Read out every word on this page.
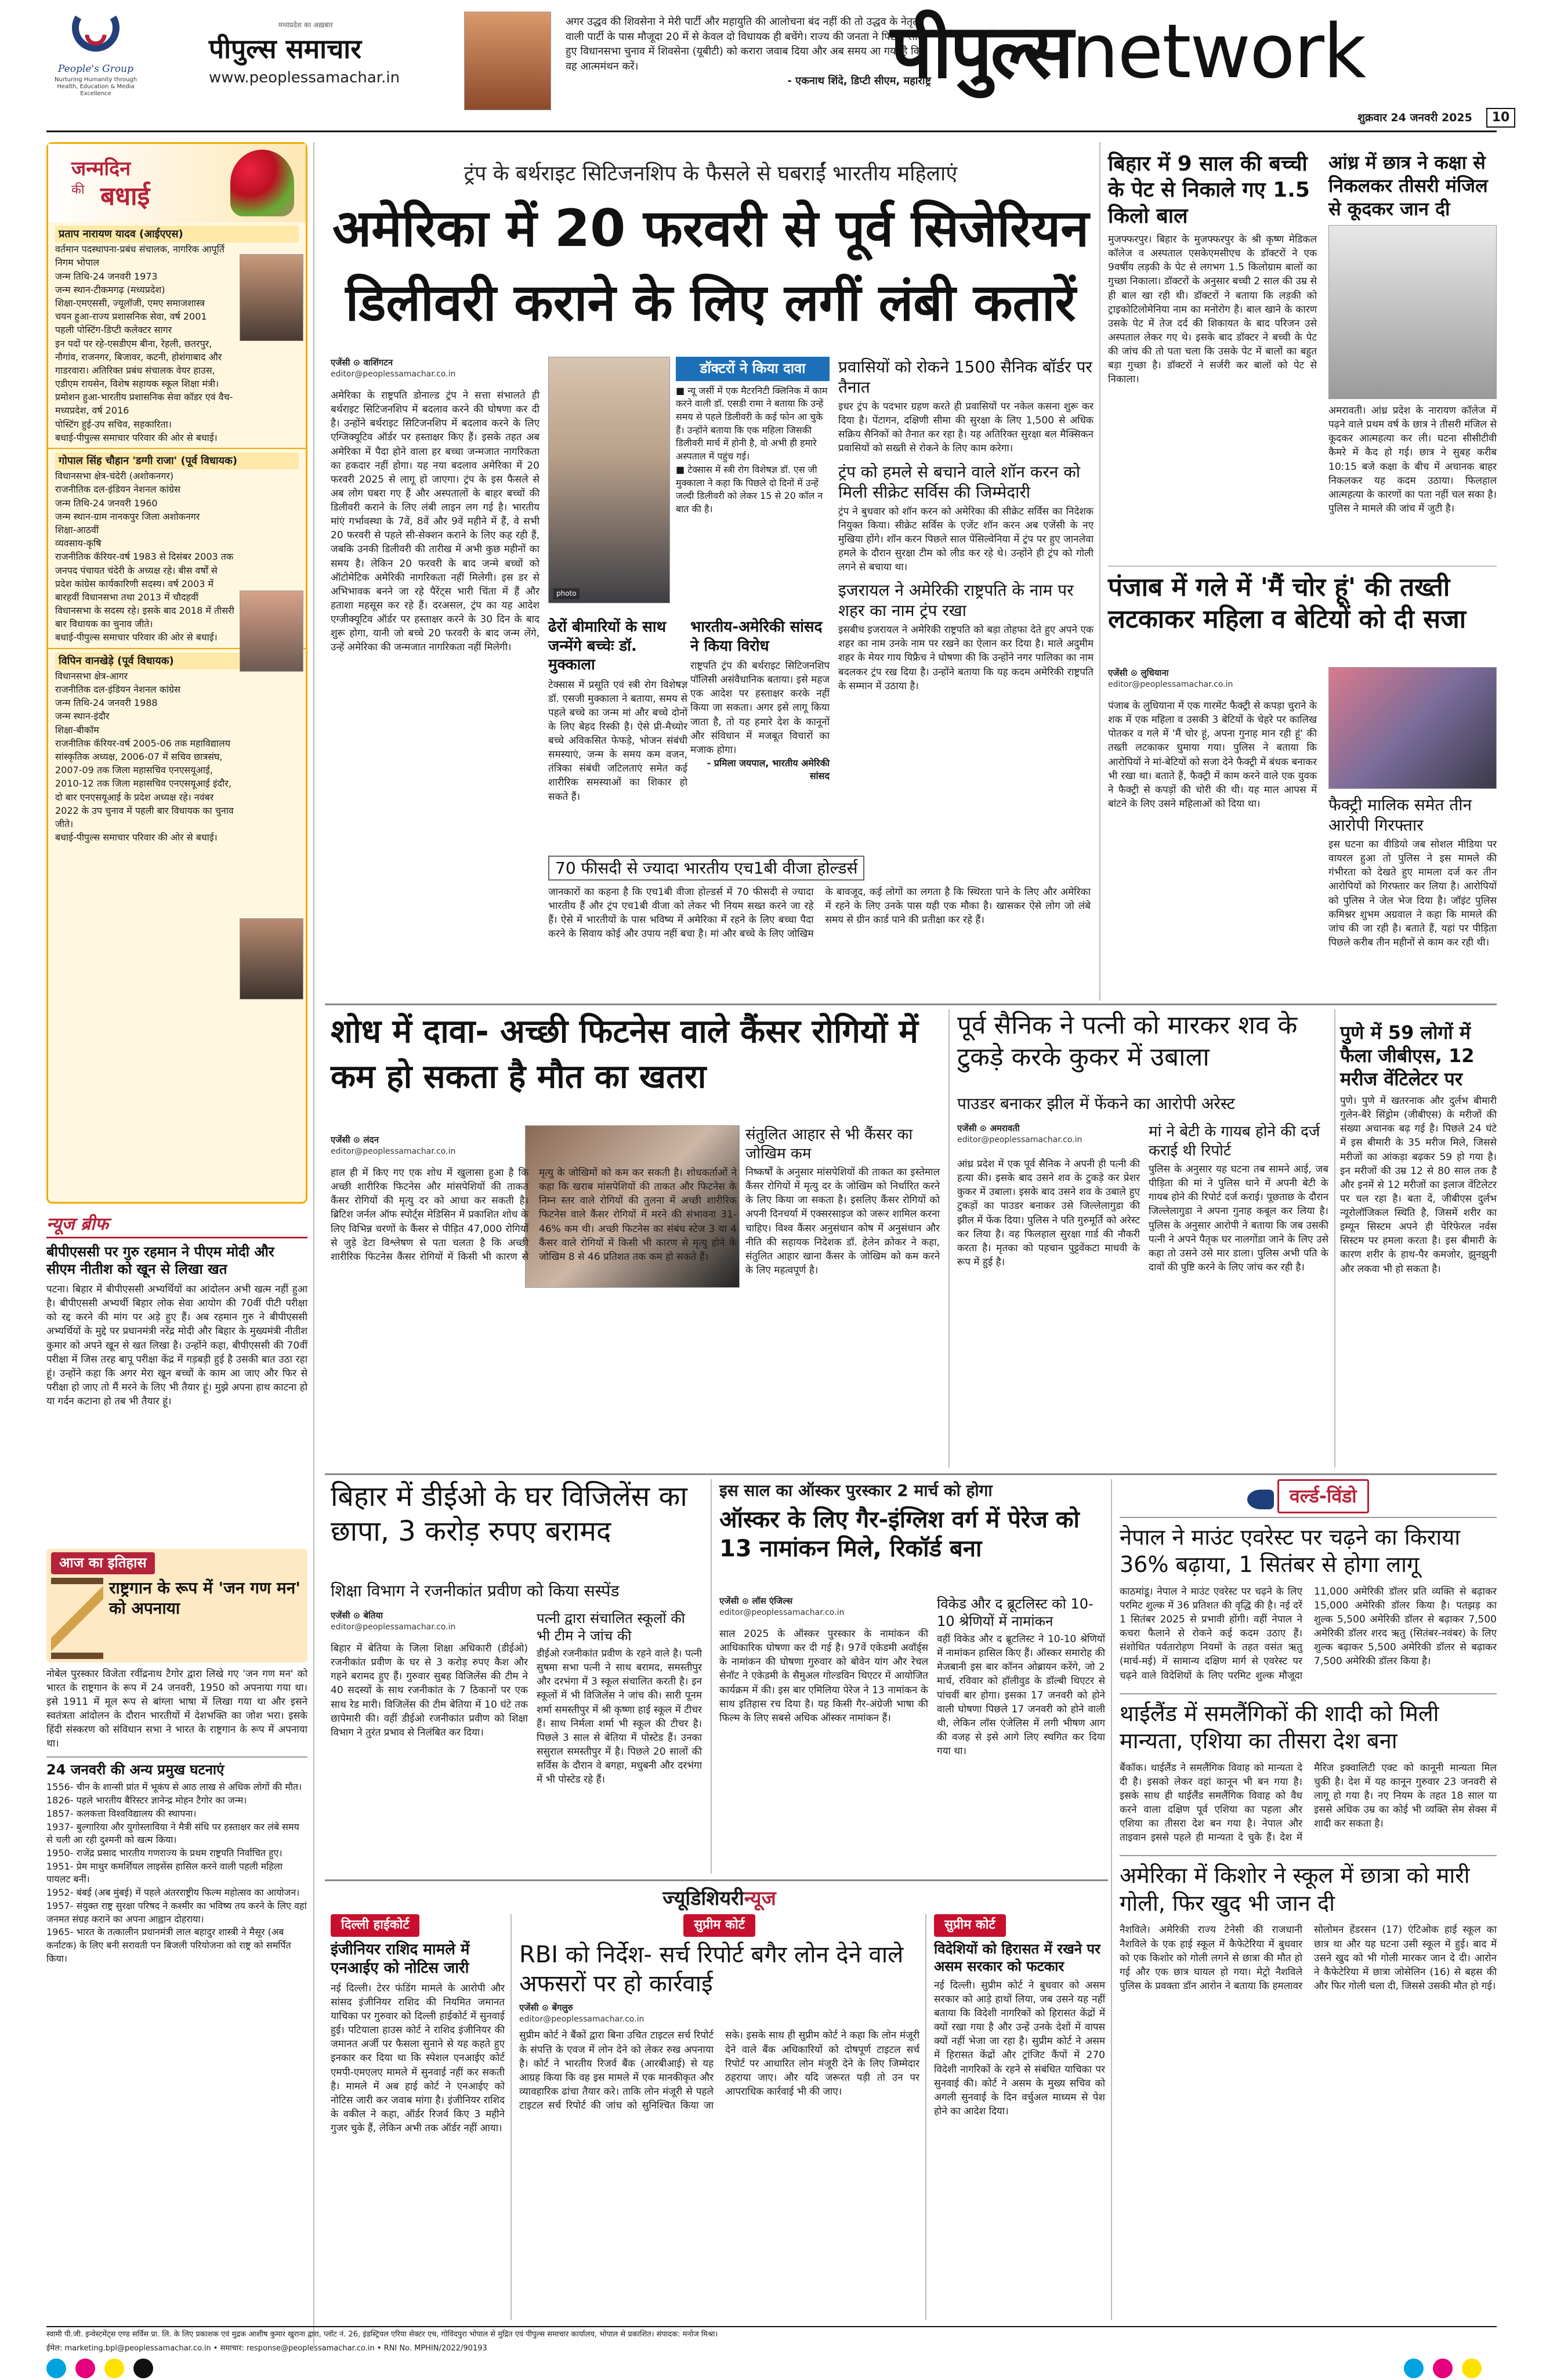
People's Group
Nurturing Humanity through Health, Education & Media Excellence
मध्यप्रदेश का अख़बार
पीपुल्स समाचार
www.peoplessamachar.in
अगर उद्धव की शिवसेना ने मेरी पार्टी और महायुति की आलोचना बंद नहीं की तो उद्धव के नेतृत्व वाली पार्टी के पास मौजूदा 20 में से केवल दो विधायक ही बचेंगे। राज्य की जनता ने पिछले साल हुए विधानसभा चुनाव में शिवसेना (यूबीटी) को करारा जवाब दिया और अब समय आ गया है कि वह आत्ममंथन करें।
- एकनाथ शिंदे, डिप्टी सीएम, महाराष्ट्र
पीपुल्सnetwork
शुक्रवार 24 जनवरी 2025	10
जन्मदिन
की बधाई
प्रताप नारायण यादव (आईएएस)
वर्तमान पदस्थापना-प्रबंध संचालक, नागरिक आपूर्ति निगम भोपाल
जन्म तिथि-24 जनवरी 1973
जन्म स्थान-टीकमगढ़ (मध्यप्रदेश)
शिक्षा-एमएससी, ज्यूलॉजी, एमए समाजशास्त्र
चयन हुआ-राज्य प्रशासनिक सेवा, वर्ष 2001
पहली पोस्टिंग-डिप्टी कलेक्टर सागर
इन पदों पर रहे-एसडीएम बीना, रेहली, छतरपुर, नौगांव, राजनगर, बिजावर, कटनी, होशंगाबाद और गाडरवारा। अतिरिक्त प्रबंध संचालक वेयर हाउस, एडीएम रायसेन, विशेष सहायक स्कूल शिक्षा मंत्री।
प्रमोशन हुआ-भारतीय प्रशासनिक सेवा कॉडर एवं वैच-मध्यप्रदेश, वर्ष 2016
पोस्टिंग हुई-उप सचिव, सहकारिता।
बधाई-पीपुल्स समाचार परिवार की ओर से बधाई।
गोपाल सिंह चौहान 'डग्गी राजा' (पूर्व विधायक)
विधानसभा क्षेत्र-चंदेरी (अशोकनगर)
राजनीतिक दल-इंडियन नेशनल कांग्रेस
जन्म तिथि-24 जनवरी 1960
जन्म स्थान-ग्राम नानकपुर जिला अशोकनगर
शिक्षा-आठवीं
व्यवसाय-कृषि
राजनीतिक कॅरियर-वर्ष 1983 से दिसंबर 2003 तक जनपद पंचायत चंदेरी के अध्यक्ष रहे। बीस वर्षों से प्रदेश कांग्रेस कार्यकारिणी सदस्य। वर्ष 2003 में बारहवीं विधानसभा तथा 2013 में चौदहवीं विधानसभा के सदस्य रहे। इसके बाद 2018 में तीसरी बार विधायक का चुनाव जीते।
बधाई-पीपुल्स समाचार परिवार की ओर से बधाई।
विपिन वानखेड़े (पूर्व विधायक)
विधानसभा क्षेत्र-आगर
राजनीतिक दल-इंडियन नेशनल कांग्रेस
जन्म तिथि-24 जनवरी 1988
जन्म स्थान-इंदौर
शिक्षा-बीकॉम
राजनीतिक कॅरियर-वर्ष 2005-06 तक महाविद्यालय सांस्कृतिक अध्यक्ष, 2006-07 में सचिव छात्रसंघ, 2007-09 तक जिला महासचिव एनएसयूआई, 2010-12 तक जिला महासचिव एनएसयूआई इंदौर, दो बार एनएसयूआई के प्रदेश अध्यक्ष रहे। नवंबर 2022 के उप चुनाव में पहली बार विधायक का चुनाव जीते।
बधाई-पीपुल्स समाचार परिवार की ओर से बधाई।
न्यूज ब्रीफ
बीपीएससी पर गुरु रहमान ने पीएम मोदी और सीएम नीतीश को खून से लिखा खत
पटना। बिहार में बीपीएससी अभ्यर्थियों का आंदोलन अभी खत्म नहीं हुआ है। बीपीएससी अभ्यर्थी बिहार लोक सेवा आयोग की 70वीं पीटी परीक्षा को रद्द करने की मांग पर अड़े हुए हैं। अब रहमान गुरु ने बीपीएससी अभ्यर्थियों के मुद्दे पर प्रधानमंत्री नरेंद्र मोदी और बिहार के मुख्यमंत्री नीतीश कुमार को अपने खून से खत लिखा है। उन्होंने कहा, बीपीएससी की 70वीं परीक्षा में जिस तरह बापू परीक्षा केंद्र में गड़बड़ी हुई है उसकी बात उठा रहा हूं। उन्होंने कहा कि अगर मेरा खून बच्चों के काम आ जाए और फिर से परीक्षा हो जाए तो मैं मरने के लिए भी तैयार हूं। मुझे अपना हाथ काटना हो या गर्दन कटाना हो तब भी तैयार हूं।
आज का इतिहास
राष्ट्रगान के रूप में 'जन गण मन' को अपनाया
नोबेल पुरस्कार विजेता रवींद्रनाथ टैगोर द्वारा लिखे गए 'जन गण मन' को भारत के राष्ट्रगान के रूप में 24 जनवरी, 1950 को अपनाया गया था। इसे 1911 में मूल रूप से बांग्ला भाषा में लिखा गया था और इसने स्वतंत्रता आंदोलन के दौरान भारतीयों में देशभक्ति का जोश भरा। इसके हिंदी संस्करण को संविधान सभा ने भारत के राष्ट्रगान के रूप में अपनाया था।
24 जनवरी की अन्य प्रमुख घटनाएं
1556- चीन के शान्सी प्रांत में भूकंप से आठ लाख से अधिक लोगों की मौत।
1826- पहले भारतीय बैरिस्टर ज्ञानेन्द्र मोहन टैगोर का जन्म।
1857- कलकत्ता विश्वविद्यालय की स्थापना।
1937- बुल्गारिया और युगोस्लाविया ने मैत्री संधि पर हस्ताक्षर कर लंबे समय से चली आ रही दुश्मनी को खत्म किया।
1950- राजेंद्र प्रसाद भारतीय गणराज्य के प्रथम राष्ट्रपति निर्वाचित हुए।
1951- प्रेम माथुर कमर्शियल लाइसेंस हासिल करने वाली पहली महिला पायलट बनीं।
1952- बंबई (अब मुंबई) में पहले अंतरराष्ट्रीय फिल्म महोत्सव का आयोजन।
1957- संयुक्त राष्ट्र सुरक्षा परिषद ने कश्मीर का भविष्य तय करने के लिए वहां जनमत संग्रह कराने का अपना आह्वान दोहराया।
1965- भारत के तत्कालीन प्रधानमंत्री लाल बहादुर शास्त्री ने मैसूर (अब कर्नाटक) के लिए बनी सरावती पन बिजली परियोजना को राष्ट्र को समर्पित किया।
ट्रंप के बर्थराइट सिटिजनशिप के फैसले से घबराईं भारतीय महिलाएं
अमेरिका में 20 फरवरी से पूर्व सिजेरियन डिलीवरी कराने के लिए लगीं लंबी कतारें
एजेंसी ⊙ वाशिंगटन
editor@peoplessamachar.co.in
अमेरिका के राष्ट्रपति डोनाल्ड ट्रंप ने सत्ता संभालते ही बर्थराइट सिटिजनशिप में बदलाव करने की घोषणा कर दी है। उन्होंने बर्थराइट सिटिजनशिप में बदलाव करने के लिए एग्जिक्यूटिव ऑर्डर पर हस्ताक्षर किए हैं। इसके तहत अब अमेरिका में पैदा होने वाला हर बच्चा जन्मजात नागरिकता का हकदार नहीं होगा। यह नया बदलाव अमेरिका में 20 फरवरी 2025 से लागू हो जाएगा। ट्रंप के इस फैसले से अब लोग घबरा गए हैं और अस्पतालों के बाहर बच्चों की डिलीवरी कराने के लिए लंबी लाइन लग गई है। भारतीय मांएं गर्भावस्था के 7वें, 8वें और 9वें महीने में हैं, वे सभी 20 फरवरी से पहले सी-सेक्शन कराने के लिए कह रही हैं, जबकि उनकी डिलीवरी की तारीख में अभी कुछ महीनों का समय है। लेकिन 20 फरवरी के बाद जन्मे बच्चों को ऑटोमेटिक अमेरिकी नागरिकता नहीं मिलेगी। इस डर से अभिभावक बनने जा रहे पैरेंट्स भारी चिंता में हैं और हताशा महसूस कर रहे हैं। दरअसल, ट्रंप का यह आदेश एग्जीक्यूटिव ऑर्डर पर हस्ताक्षर करने के 30 दिन के बाद शुरू होगा, यानी जो बच्चे 20 फरवरी के बाद जन्म लेंगे, उन्हें अमेरिका की जन्मजात नागरिकता नहीं मिलेगी।
photo
डॉक्टरों ने किया दावा
■ न्यू जर्सी में एक मैटरनिटी क्लिनिक में काम करने वाली डॉ. एसडी रामा ने बताया कि उन्हें समय से पहले डिलीवरी के कई फोन आ चुके हैं। उन्होंने बताया कि एक महिला जिसकी डिलीवरी मार्च में होनी है, वो अभी ही हमारे अस्पताल में पहुंच गई।
■ टेक्सास में स्त्री रोग विशेषज्ञ डॉ. एस जी मुक्काला ने कहा कि पिछले दो दिनों में उन्हें जल्दी डिलीवरी को लेकर 15 से 20 कॉल न बात की है।
ढेरों बीमारियों के साथ जन्मेंगे बच्चेः डॉ. मुक्काला
टेक्सास में प्रसूति एवं स्त्री रोग विशेषज्ञ डॉ. एसजी मुक्काला ने बताया, समय से पहले बच्चे का जन्म मां और बच्चे दोनों के लिए बेहद रिस्की है। ऐसे प्री-मैच्योर बच्चे अविकसित फेफड़े, भोजन संबंधी समस्याएं, जन्म के समय कम वजन, तंत्रिका संबंधी जटिलताएं समेत कई शारीरिक समस्याओं का शिकार हो सकते हैं।
भारतीय-अमेरिकी सांसद ने किया विरोध
राष्ट्रपति ट्रंप की बर्थराइट सिटिजनशिप पॉलिसी असंवैधानिक बताया। इसे महज एक आदेश पर हस्ताक्षर करके नहीं किया जा सकता। अगर इसे लागू किया जाता है, तो यह हमारे देश के कानूनों और संविधान में मजबूत विचारों का मजाक होगा।
- प्रमिला जयपाल, भारतीय अमेरिकी सांसद
70 फीसदी से ज्यादा भारतीय एच1बी वीजा होल्डर्स
जानकारों का कहना है कि एच1बी वीजा होल्डर्स में 70 फीसदी से ज्यादा भारतीय हैं और ट्रंप एच1बी वीजा को लेकर भी नियम सख्त करने जा रहे हैं। ऐसे में भारतीयों के पास भविष्य में अमेरिका में रहने के लिए बच्चा पैदा करने के सिवाय कोई और उपाय नहीं बचा है। मां और बच्चे के लिए जोखिम के बावजूद, कई लोगों का लगता है कि स्थिरता पाने के लिए और अमेरिका में रहने के लिए उनके पास यही एक मौका है। खासकर ऐसे लोग जो लंबे समय से ग्रीन कार्ड पाने की प्रतीक्षा कर रहे हैं।
प्रवासियों को रोकने 1500 सैनिक बॉर्डर पर तैनात
इधर ट्रंप के पदभार ग्रहण करते ही प्रवासियों पर नकेल कसना शुरू कर दिया है। पेंटागन, दक्षिणी सीमा की सुरक्षा के लिए 1,500 से अधिक सक्रिय सैनिकों को तैनात कर रहा है। यह अतिरिक्त सुरक्षा बल मैक्सिकन प्रवासियों को सख्ती से रोकने के लिए काम करेगा।
ट्रंप को हमले से बचाने वाले शॉन करन को मिली सीक्रेट सर्विस की जिम्मेदारी
ट्रंप ने बुधवार को शॉन करन को अमेरिका की सीक्रेट सर्विस का निदेशक नियुक्त किया। सीक्रेट सर्विस के एजेंट शॉन करन अब एजेंसी के नए मुखिया होंगे। शॉन करन पिछले साल पेंसिल्वेनिया में ट्रंप पर हुए जानलेवा हमले के दौरान सुरक्षा टीम को लीड कर रहे थे। उन्होंने ही ट्रंप को गोली लगने से बचाया था।
इजरायल ने अमेरिकी राष्ट्रपति के नाम पर शहर का नाम ट्रंप रखा
इसबीच इजरायल ने अमेरिकी राष्ट्रपति को बड़ा तोहफा देते हुए अपने एक शहर का नाम उनके नाम पर रखने का ऐलान कर दिया है। माले अदुमीम शहर के मेयर गाय यिफ्रैच ने घोषणा की कि उन्होंने नगर पालिका का नाम बदलकर ट्रंप रख दिया है। उन्होंने बताया कि यह कदम अमेरिकी राष्ट्रपति के सम्मान में उठाया है।
बिहार में 9 साल की बच्ची के पेट से निकाले गए 1.5 किलो बाल
मुजफ्फरपुर। बिहार के मुजफ्फरपुर के श्री कृष्ण मेडिकल कॉलेज व अस्पताल एसकेएमसीएच के डॉक्टरों ने एक 9वर्षीय लड़की के पेट से लगभग 1.5 किलोग्राम बालों का गुच्छा निकाला। डॉक्टरों के अनुसार बच्ची 2 साल की उम्र से ही बाल खा रही थी। डॉक्टरों ने बताया कि लड़की को ट्राइकोटिलोमेनिया नाम का मनोरोग है। बाल खाने के कारण उसके पेट में तेज दर्द की शिकायत के बाद परिजन उसे अस्पताल लेकर गए थे। इसके बाद डॉक्टर ने बच्ची के पेट की जांच की तो पता चला कि उसके पेट में बालों का बहुत बड़ा गुच्छा है। डॉक्टरों ने सर्जरी कर बालों को पेट से निकाला।
आंध्र में छात्र ने कक्षा से निकलकर तीसरी मंजिल से कूदकर जान दी
अमरावती। आंध्र प्रदेश के नारायण कॉलेज में पढ़ने वाले प्रथम वर्ष के छात्र ने तीसरी मंजिल से कूदकर आत्महत्या कर ली। घटना सीसीटीवी कैमरे में कैद हो गई। छात्र ने सुबह करीब 10:15 बजे कक्षा के बीच में अचानक बाहर निकलकर यह कदम उठाया। फिलहाल आत्महत्या के कारणों का पता नहीं चल सका है। पुलिस ने मामले की जांच में जुटी है।
पंजाब में गले में 'मैं चोर हूं' की तख्ती लटकाकर महिला व बेटियों को दी सजा
एजेंसी ⊙ लुधियाना
editor@peoplessamachar.co.in
पंजाब के लुधियाना में एक गारमेंट फैक्ट्री से कपड़ा चुराने के शक में एक महिला व उसकी 3 बेटियों के चेहरे पर कालिख पोतकर व गले में 'मैं चोर हूं, अपना गुनाह मान रही हूं' की तख्ती लटकाकर घुमाया गया। पुलिस ने बताया कि आरोपियों ने मां-बेटियों को सजा देने फैक्ट्री में बंधक बनाकर भी रखा था। बताते हैं, फैक्ट्री में काम करने वाले एक युवक ने फैक्ट्री से कपड़ों की चोरी की थी। यह माल आपस में बांटने के लिए उसने महिलाओं को दिया था।	फैक्ट्री मालिक समेत तीन आरोपी गिरफ्तार
इस घटना का वीडियो जब सोशल मीडिया पर वायरल हुआ तो पुलिस ने इस मामले की गंभीरता को देखते हुए मामला दर्ज कर तीन आरोपियों को गिरफ्तार कर लिया है। आरोपियों को पुलिस ने जेल भेज दिया है। जॉइंट पुलिस कमिश्नर शुभम अग्रवाल ने कहा कि मामले की जांच की जा रही है। बताते हैं, यहां पर पीड़िता पिछले करीब तीन महीनों से काम कर रही थी।
शोध में दावा- अच्छी फिटनेस वाले कैंसर रोगियों में कम हो सकता है मौत का खतरा
एजेंसी ⊙ लंदन
editor@peoplessamachar.co.in
हाल ही में किए गए एक शोध में खुलासा हुआ है कि अच्छी शारीरिक फिटनेस और मांसपेशियों की ताकत कैंसर रोगियों की मृत्यु दर को आधा कर सकती है। ब्रिटिश जर्नल ऑफ स्पोर्ट्स मेडिसिन में प्रकाशित शोध के लिए विभिन्न चरणों के कैंसर से पीड़ित 47,000 रोगियों से जुड़े डेटा विश्लेषण से पता चलता है कि अच्छी शारीरिक फिटनेस कैंसर रोगियों में किसी भी कारण से मृत्यु के जोखिमों को कम कर सकती है। शोधकर्ताओं ने कहा कि खराब मांसपेशियों की ताकत और फिटनेस के निम्न स्तर वाले रोगियों की तुलना में अच्छी शारीरिक फिटनेस वाले कैंसर रोगियों में मरने की संभावना 31-46% कम थी। अच्छी फिटनेस का संबंध स्टेज 3 या 4 कैंसर वाले रोगियों में किसी भी कारण से मृत्यु होने के जोखिम 8 से 46 प्रतिशत तक कम हो सकते हैं।
संतुलित आहार से भी कैंसर का जोखिम कम
निष्कर्षों के अनुसार मांसपेशियों की ताकत का इस्तेमाल कैंसर रोगियों में मृत्यु दर के जोखिम को निर्धारित करने के लिए किया जा सकता है। इसलिए कैंसर रोगियों को अपनी दिनचर्या में एक्सरसाइज को जरूर शामिल करना चाहिए। विश्व कैंसर अनुसंधान कोष में अनुसंधान और नीति की सहायक निदेशक डॉ. हेलेन क्रोकर ने कहा, संतुलित आहार खाना कैंसर के जोखिम को कम करने के लिए महत्वपूर्ण है।
पूर्व सैनिक ने पत्नी को मारकर शव के टुकड़े करके कुकर में उबाला
पाउडर बनाकर झील में फेंकने का आरोपी अरेस्ट
एजेंसी ⊙ अमरावती
editor@peoplessamachar.co.in
आंध्र प्रदेश में एक पूर्व सैनिक ने अपनी ही पत्नी की हत्या की। इसके बाद उसने शव के टुकड़े कर प्रेशर कुकर में उबाला। इसके बाद उसने शव के उबाले हुए टुकड़ों का पाउडर बनाकर उसे जिल्लेलागुडा की झील में फेंक दिया। पुलिस ने पति गुरुमूर्ति को अरेस्ट कर लिया है। वह फिलहाल सुरक्षा गार्ड की नौकरी करता है। मृतका को पहचान पुट्टवेंकटा माधवी के रूप में हुई है।
मां ने बेटी के गायब होने की दर्ज कराई थी रिपोर्ट
पुलिस के अनुसार यह घटना तब सामने आई, जब पीड़िता की मां ने पुलिस थाने में अपनी बेटी के गायब होने की रिपोर्ट दर्ज कराई। पूछताछ के दौरान जिल्लेलागुडा ने अपना गुनाह कबूल कर लिया है। पुलिस के अनुसार आरोपी ने बताया कि जब उसकी पत्नी ने अपने पैतृक घर नालगोंडा जाने के लिए उसे कहा तो उसने उसे मार डाला। पुलिस अभी पति के दावों की पुष्टि करने के लिए जांच कर रही है।
पुणे में 59 लोगों में फैला जीबीएस, 12 मरीज वेंटिलेटर पर
पुणे। पुणे में खतरनाक और दुर्लभ बीमारी गुलेन-बैरे सिंड्रोम (जीबीएस) के मरीजों की संख्या अचानक बढ़ गई है। पिछले 24 घंटे में इस बीमारी के 35 मरीज मिले, जिससे मरीजों का आंकड़ा बढ़कर 59 हो गया है। इन मरीजों की उम्र 12 से 80 साल तक है और इनमें से 12 मरीजों का इलाज वेंटिलेटर पर चल रहा है। बता दें, जीबीएस दुर्लभ न्यूरोलॉजिकल स्थिति है, जिसमें शरीर का इम्यून सिस्टम अपने ही पेरिफेरल नर्वस सिस्टम पर हमला करता है। इस बीमारी के कारण शरीर के हाथ-पैर कमजोर, झुनझुनी और लकवा भी हो सकता है।
बिहार में डीईओ के घर विजिलेंस का छापा, 3 करोड़ रुपए बरामद
शिक्षा विभाग ने रजनीकांत प्रवीण को किया सस्पेंड
एजेंसी ⊙ बेतिया
editor@peoplessamachar.co.in
बिहार में बेतिया के जिला शिक्षा अधिकारी (डीईओ) रजनीकांत प्रवीण के घर से 3 करोड़ रुपए कैश और गहने बरामद हुए हैं। गुरुवार सुबह विजिलेंस की टीम ने 40 सदस्यों के साथ रजनीकांत के 7 ठिकानों पर एक साथ रेड मारी। विजिलेंस की टीम बेतिया में 10 घंटे तक छापेमारी की। वहीं डीईओ रजनीकांत प्रवीण को शिक्षा विभाग ने तुरंत प्रभाव से निलंबित कर दिया।
पत्नी द्वारा संचालित स्कूलों की भी टीम ने जांच की
डीईओ रजनीकांत प्रवीण के रहने वाले है। पत्नी सुषमा सभा पत्नी ने साथ बरामद, समस्तीपुर और दरभंगा में 3 स्कूल संचालित करती है। इन स्कूलों में भी विजिलेंस ने जांच की। सारी पूनम शर्मा समस्तीपुर में श्री कृष्णा हाई स्कूल में टीचर हैं। साथ निर्मला शर्मा भी स्कूल की टीचर है। पिछले 3 साल से बेतिया में पोस्टेड हैं। उनका ससुराल समस्तीपुर में है। पिछले 20 सालों की सर्विस के दौरान वे बगहा, मधुबनी और दरभंगा में भी पोस्टेड रहे हैं।
इस साल का ऑस्कर पुरस्कार 2 मार्च को होगा
ऑस्कर के लिए गैर-इंग्लिश वर्ग में पेरेज को 13 नामांकन मिले, रिकॉर्ड बना
एजेंसी ⊙ लॉस एंजिल्स
editor@peoplessamachar.co.in
साल 2025 के ऑस्कर पुरस्कार के नामांकन की आधिकारिक घोषणा कर दी गई है। 97वें एकेडमी अवॉर्ड्स के नामांकन की घोषणा गुरुवार को बोवेन यांग और रेचल सेनॉट ने एकेडमी के सैमुअल गोल्डविन थिएटर में आयोजित कार्यक्रम में की। इस बार एमिलिया पेरेज ने 13 नामांकन के साथ इतिहास रच दिया है। यह किसी गैर-अंग्रेजी भाषा की फिल्म के लिए सबसे अधिक ऑस्कर नामांकन हैं।
विकेड और द ब्रूटलिस्ट को 10-10 श्रेणियों में नामांकन
वहीं विकेड और द ब्रूटलिस्ट ने 10-10 श्रेणियों में नामांकन हासिल किए हैं। ऑस्कर समारोह की मेजबानी इस बार कॉनन ओब्रायन करेंगे, जो 2 मार्च, रविवार को हॉलीवुड के डॉल्बी थिएटर से पांचवीं बार होगा। इसका 17 जनवरी को होने वाली घोषणा पिछले 17 जनवरी को होने वाली थी, लेकिन लॉस एंजेलिस में लगी भीषण आग की वजह से इसे आगे लिए स्थगित कर दिया गया था।
वर्ल्ड-विंडो
नेपाल ने माउंट एवरेस्ट पर चढ़ने का किराया 36% बढ़ाया, 1 सितंबर से होगा लागू
काठमांडू। नेपाल ने माउंट एवरेस्ट पर चढ़ने के लिए परमिट शुल्क में 36 प्रतिशत की वृद्धि की है। नई दरें 1 सितंबर 2025 से प्रभावी होंगी। वहीं नेपाल ने कचरा फैलाने से रोकने कई कदम उठाए हैं। संशोधित पर्वतारोहण नियमों के तहत वसंत ऋतु (मार्च-मई) में सामान्य दक्षिण मार्ग से एवरेस्ट पर चढ़ने वाले विदेशियों के लिए परमिट शुल्क मौजूदा 11,000 अमेरिकी डॉलर प्रति व्यक्ति से बढ़ाकर 15,000 अमेरिकी डॉलर किया है। पतझड़ का शुल्क 5,500 अमेरिकी डॉलर से बढ़ाकर 7,500 अमेरिकी डॉलर शरद ऋतु (सितंबर-नवंबर) के लिए शुल्क बढ़ाकर 5,500 अमेरिकी डॉलर से बढ़ाकर 7,500 अमेरिकी डॉलर किया है।
थाईलैंड में समलैंगिकों की शादी को मिली मान्यता, एशिया का तीसरा देश बना
बैंकॉक। थाईलैंड ने समलैंगिक विवाह को मान्यता दे दी है। इसको लेकर वहां कानून भी बन गया है। इसके साथ ही थाईलैंड समलैंगिक विवाह को वैध करने वाला दक्षिण पूर्व एशिया का पहला और एशिया का तीसरा देश बन गया है। नेपाल और ताइवान इससे पहले ही मान्यता दे चुके हैं। देश में मैरिज इक्वालिटी एक्ट को कानूनी मान्यता मिल चुकी है। देश में यह कानून गुरुवार 23 जनवरी से लागू हो गया है। नए नियम के तहत 18 साल या इससे अधिक उम्र का कोई भी व्यक्ति सेम सेक्स में शादी कर सकता है।
अमेरिका में किशोर ने स्कूल में छात्रा को मारी गोली, फिर खुद भी जान दी
नैशविले। अमेरिकी राज्य टेनेसी की राजधानी नैशविले के एक हाई स्कूल में कैफेटेरिया में बुधवार को एक किशोर को गोली लगने से छात्रा की मौत हो गई और एक छात्र घायल हो गया। मेट्रो नैशविले पुलिस के प्रवक्ता डॉन आरोन ने बताया कि हमलावर सोलोमन हेंडरसन (17) एंटिओक हाई स्कूल का छात्र था और यह घटना उसी स्कूल में हुई। बाद में उसने खुद को भी गोली मारकर जान दे दी। आरोन ने कैफेटेरिया में छात्रा जोसेलिन (16) से बहस की और फिर गोली चला दी, जिससे उसकी मौत हो गई।
ज्यूडिशियरीन्यूज
दिल्ली हाईकोर्ट
इंजीनियर राशिद मामले में एनआईए को नोटिस जारी
नई दिल्ली। टेरर फंडिंग मामले के आरोपी और सांसद इंजीनियर राशिद की नियमित जमानत याचिका पर गुरुवार को दिल्ली हाईकोर्ट में सुनवाई हुई। पटियाला हाउस कोर्ट ने राशिद इंजीनियर की जमानत अर्जी पर फैसला सुनाने से यह कहते हुए इनकार कर दिया था कि स्पेशल एनआईए कोर्ट एमपी-एमएलए मामले में सुनवाई नहीं कर सकती है। मामले में अब हाई कोर्ट ने एनआईए को नोटिस जारी कर जवाब मांगा है। इंजीनियर राशिद के वकील ने कहा, ऑर्डर रिजर्व किए 3 महीने गुजर चुके हैं, लेकिन अभी तक ऑर्डर नहीं आया।
सुप्रीम कोर्ट
RBI को निर्देश- सर्च रिपोर्ट बगैर लोन देने वाले अफसरों पर हो कार्रवाई
एजेंसी ⊙ बेंगलुरु
editor@peoplessamachar.co.in
सुप्रीम कोर्ट ने बैंकों द्वारा बिना उचित टाइटल सर्च रिपोर्ट के संपत्ति के एवज में लोन देने को लेकर रुख अपनाया है। कोर्ट ने भारतीय रिजर्व बैंक (आरबीआई) से यह आग्रह किया कि वह इस मामले में एक मानकीकृत और व्यावहारिक ढांचा तैयार करे। ताकि लोन मंजूरी से पहले टाइटल सर्च रिपोर्ट की जांच को सुनिश्चित किया जा सके। इसके साथ ही सुप्रीम कोर्ट ने कहा कि लोन मंजूरी देने वाले बैंक अधिकारियों को दोषपूर्ण टाइटल सर्च रिपोर्ट पर आधारित लोन मंजूरी देने के लिए जिम्मेदार ठहराया जाए। और यदि जरूरत पड़ी तो उन पर आपराधिक कार्रवाई भी की जाए।
सुप्रीम कोर्ट
विदेशियों को हिरासत में रखने पर असम सरकार को फटकार
नई दिल्ली। सुप्रीम कोर्ट ने बुधवार को असम सरकार को आड़े हाथों लिया, जब उसने यह नहीं बताया कि विदेशी नागरिकों को हिरासत केंद्रों में क्यों रखा गया है और उन्हें उनके देशों में वापस क्यों नहीं भेजा जा रहा है। सुप्रीम कोर्ट ने असम में हिरासत केंद्रों और ट्रांजिट कैंपों में 270 विदेशी नागरिकों के रहने से संबंधित याचिका पर सुनवाई की। कोर्ट ने असम के मुख्य सचिव को अगली सुनवाई के दिन वर्चुअल माध्यम से पेश होने का आदेश दिया।
स्वामी पी.जी. इन्वेस्टमेंट्स एण्ड सर्विस प्रा. लि. के लिए प्रकाशक एवं मुद्रक आशीष कुमार खुराना द्वारा, प्लॉट नं. 26, इंडस्ट्रियल एरिया सेक्टर एच, गोविंदपुरा भोपाल से मुद्रित एवं पीपुल्स समाचार कार्यालय, भोपाल से प्रकाशित। संपादक: मनोज मिश्रा।
ईमेल: marketing.bpl@peoplessamachar.co.in • समाचार: response@peoplessamachar.co.in • RNI No. MPHIN/2022/90193
